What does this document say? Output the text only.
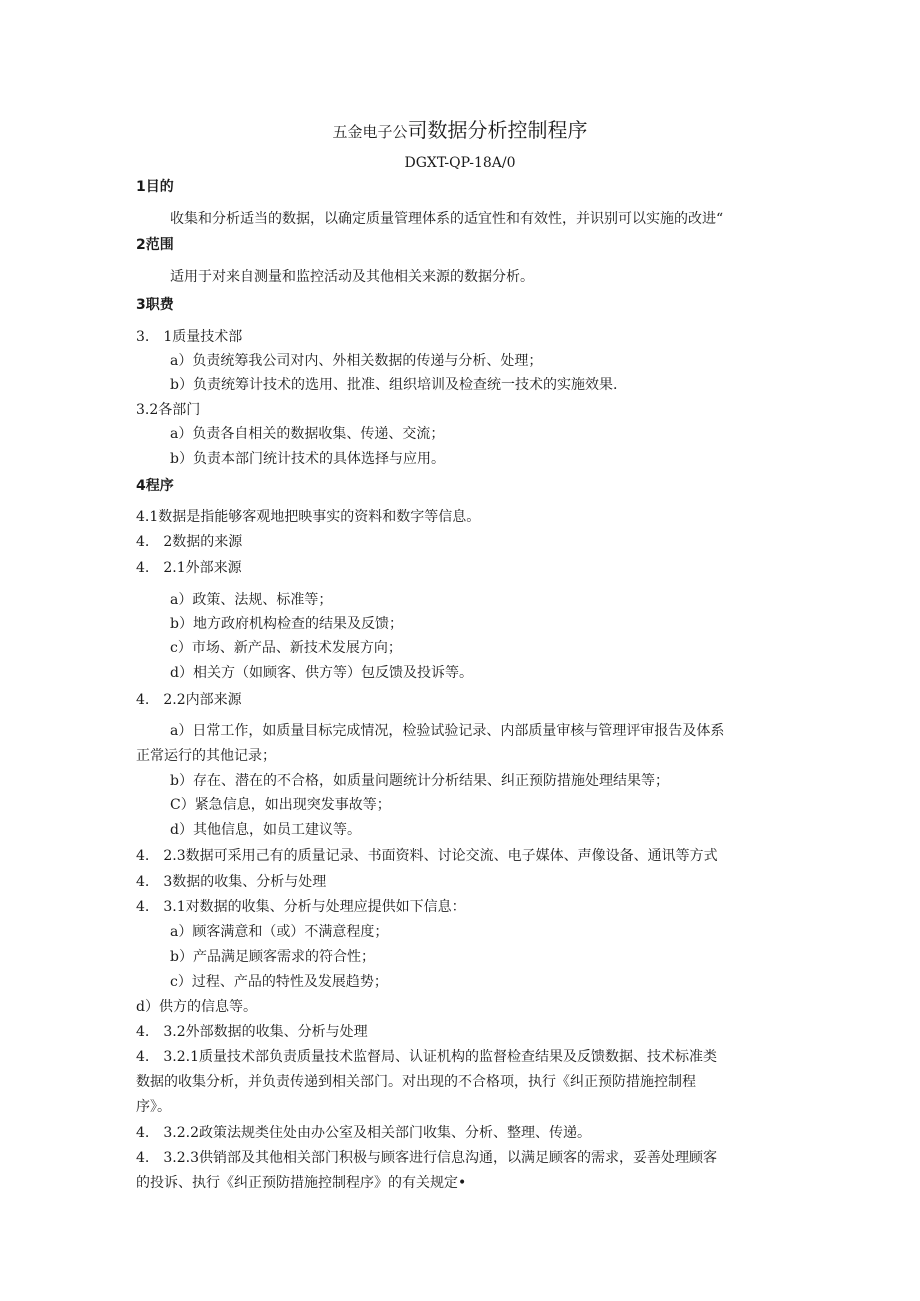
五金电子公司数据分析控制程序
DGXT-QP-18A/0
1目的
收集和分析适当的数据，以确定质量管理体系的适宜性和有效性，并识别可以实施的改进“
2范围
适用于对来自测量和监控活动及其他相关来源的数据分析。
3职费
3.　1质量技术部
a）负责统筹我公司对内、外相关数据的传递与分析、处理；
b）负责统筹计技术的选用、批准、组织培训及检查统一技术的实施效果.
3.2各部门
a）负责各自相关的数据收集、传递、交流；
b）负责本部门统计技术的具体选择与应用。
4程序
4.1数据是指能够客观地把映事实的资料和数字等信息。
4.　2数据的来源
4.　2.1外部来源
a）政策、法规、标准等；
b）地方政府机构检查的结果及反馈；
c）市场、新产品、新技术发展方向；
d）相关方（如顾客、供方等）包反馈及投诉等。
4.　2.2内部来源
a）日常工作，如质量目标完成情况，检验试验记录、内部质量审核与管理评审报告及体系
正常运行的其他记录；
b）存在、潜在的不合格，如质量问题统计分析结果、纠正预防措施处理结果等；
C）紧急信息，如出现突发事故等；
d）其他信息，如员工建议等。
4.　2.3数据可采用己有的质量记录、书面资料、讨论交流、电子媒体、声像设备、通讯等方式
4.　3数据的收集、分析与处理
4.　3.1对数据的收集、分析与处理应提供如下信息：
a）顾客满意和（或）不满意程度；
b）产品满足顾客需求的符合性；
c）过程、产品的特性及发展趋势；
d）供方的信息等。
4.　3.2外部数据的收集、分析与处理
4.　3.2.1质量技术部负责质量技术监督局、认证机构的监督检查结果及反馈数据、技术标准类
数据的收集分析，并负责传递到相关部门。对出现的不合格项，执行《纠正预防措施控制程
序》。
4.　3.2.2政策法规类住处由办公室及相关部门收集、分析、整理、传递。
4.　3.2.3供销部及其他相关部门积极与顾客进行信息沟通，以满足顾客的需求，妥善处理顾客
的投诉、执行《纠正预防措施控制程序》的有关规定•
